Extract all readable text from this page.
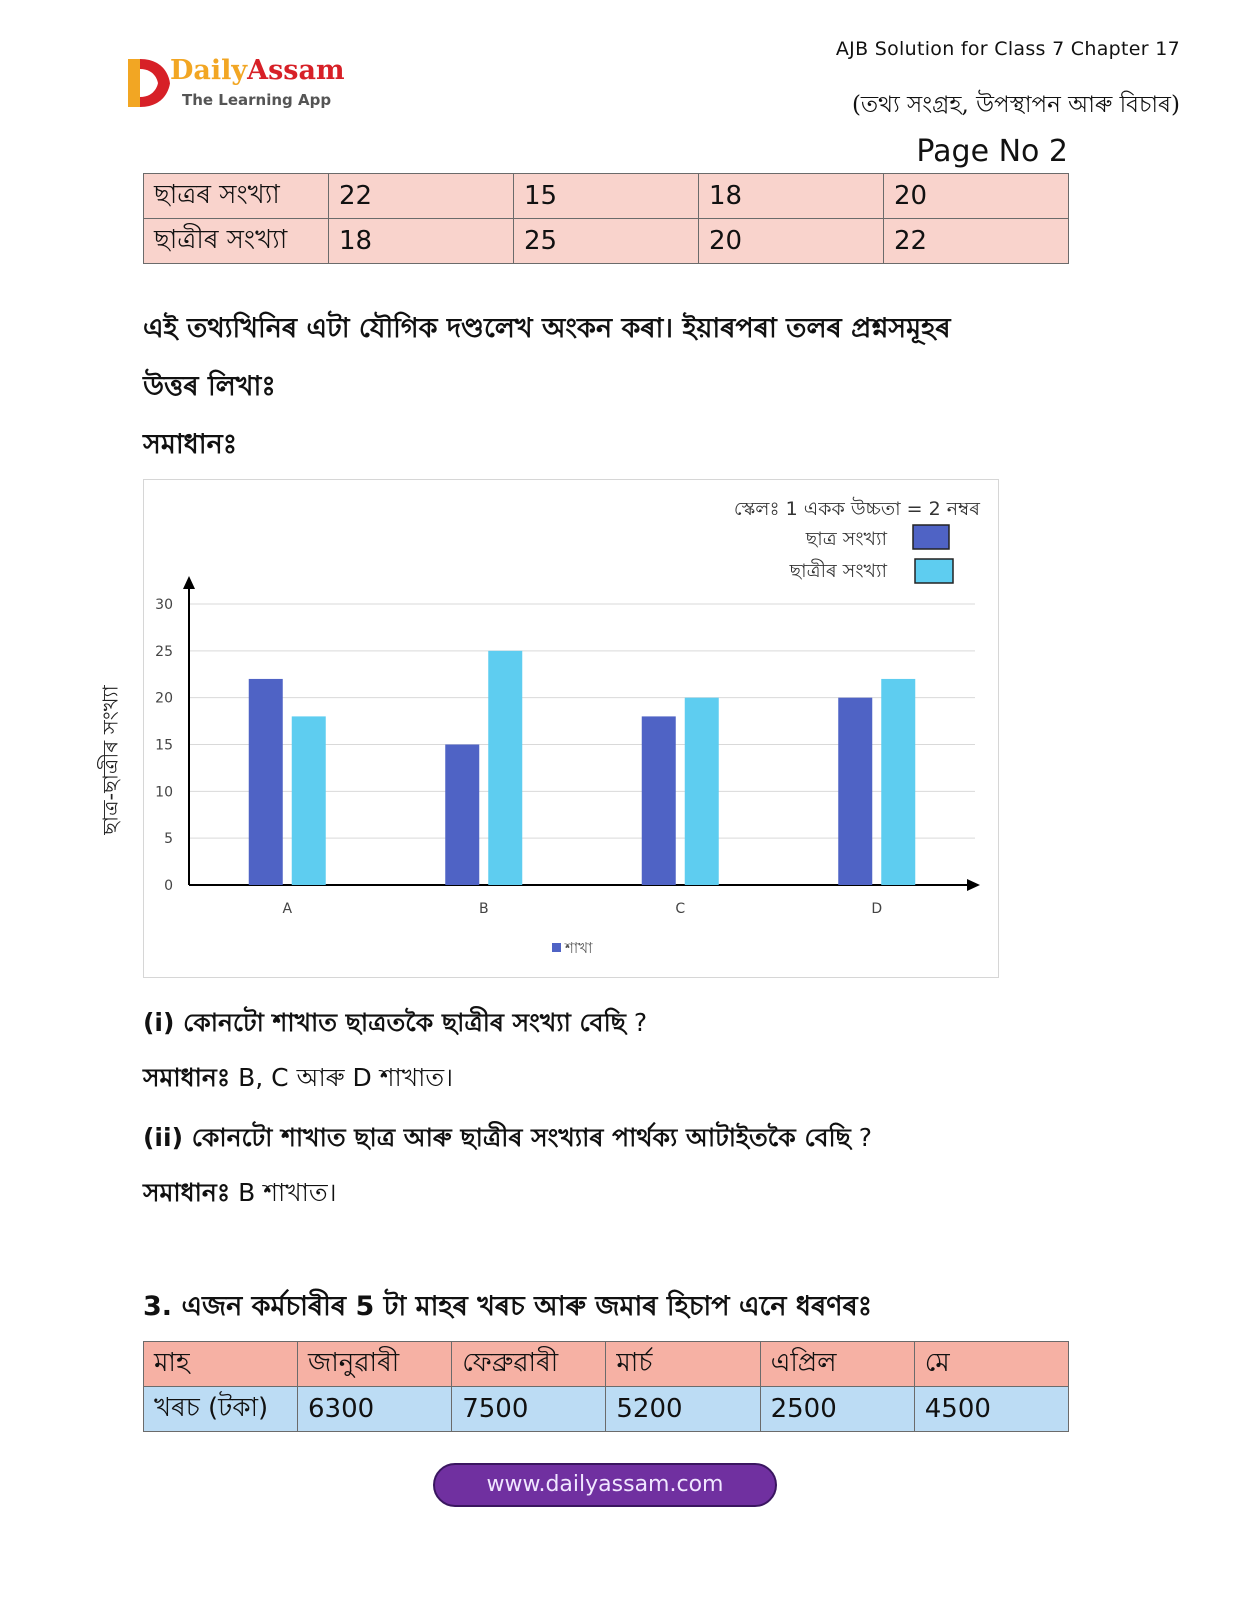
DailyAssam
The Learning App
AJB Solution for Class 7 Chapter 17
(তথ্য সংগ্ৰহ, উপস্থাপন আৰু বিচাৰ)
Page No 2
ছাত্ৰৰ সংখ্যা	22	15	18	20
ছাত্ৰীৰ সংখ্যা	18	25	20	22
এই তথ্যখিনিৰ এটা যৌগিক দণ্ডলেখ অংকন কৰা। ইয়াৰপৰা তলৰ প্ৰশ্নসমূহৰ
উত্তৰ লিখাঃ
সমাধানঃ
ছাত্ৰ-ছাত্ৰীৰ সংখ্যা
0
5
10
15
20
25
30
A	B	C	D
শাখা
স্কেলঃ 1 একক উচ্চতা = 2 নম্বৰ
ছাত্ৰ সংখ্যা
ছাত্ৰীৰ সংখ্যা
(i) কোনটো শাখাত ছাত্ৰতকৈ ছাত্ৰীৰ সংখ্যা বেছি ?
সমাধানঃ B, C আৰু D শাখাত।
(ii) কোনটো শাখাত ছাত্ৰ আৰু ছাত্ৰীৰ সংখ্যাৰ পাৰ্থক্য আটাইতকৈ বেছি ?
সমাধানঃ B শাখাত।
3. এজন কৰ্মচাৰীৰ 5 টা মাহৰ খৰচ আৰু জমাৰ হিচাপ এনে ধৰণৰঃ
মাহ	জানুৱাৰী	ফেব্ৰুৱাৰী	মাৰ্চ	এপ্ৰিল	মে
খৰচ (টকা)	6300	7500	5200	2500	4500
www.dailyassam.com
